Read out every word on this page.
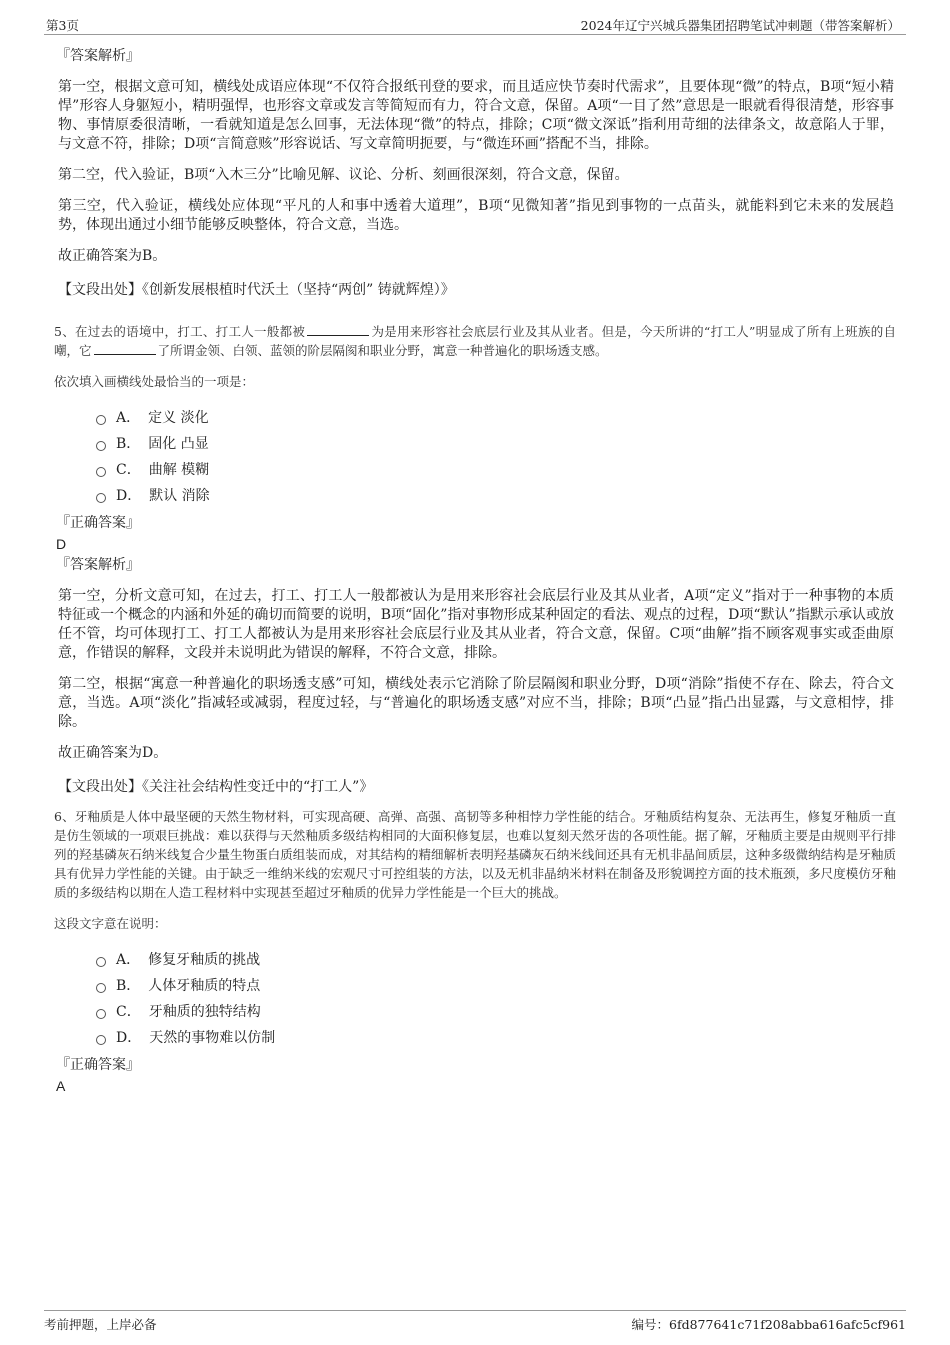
第3页	2024年辽宁兴城兵器集团招聘笔试冲刺题（带答案解析）

『答案解析』

第一空，根据文意可知，横线处成语应体现“不仅符合报纸刊登的要求，而且适应快节奏时代需求”，且要体现“微”的特点，B项“短小精悍”形容人身躯短小，精明强悍，也形容文章或发言等简短而有力，符合文意，保留。A项“一目了然”意思是一眼就看得很清楚，形容事物、事情原委很清晰，一看就知道是怎么回事，无法体现“微”的特点，排除；C项“微文深诋”指利用苛细的法律条文，故意陷人于罪，与文意不符，排除；D项“言简意赅”形容说话、写文章简明扼要，与“微连环画”搭配不当，排除。

第二空，代入验证，B项“入木三分”比喻见解、议论、分析、刻画很深刻，符合文意，保留。

第三空，代入验证，横线处应体现“平凡的人和事中透着大道理”，B项“见微知著”指见到事物的一点苗头，就能料到它未来的发展趋势，体现出通过小细节能够反映整体，符合文意，当选。

故正确答案为B。

【文段出处】《创新发展根植时代沃土（坚持“两创” 铸就辉煌）》

5、在过去的语境中，打工、打工人一般都被	为是用来形容社会底层行业及其从业者。但是，今天所讲的“打工人”明显成了所有上班族的自嘲，它	了所谓金领、白领、蓝领的阶层隔阂和职业分野，寓意一种普遍化的职场透支感。

依次填入画横线处最恰当的一项是：

A． 定义 淡化
B． 固化 凸显
C． 曲解 模糊
D． 默认 消除

『正确答案』

D

『答案解析』

第一空，分析文意可知，在过去，打工、打工人一般都被认为是用来形容社会底层行业及其从业者，A项“定义”指对于一种事物的本质特征或一个概念的内涵和外延的确切而简要的说明，B项“固化”指对事物形成某种固定的看法、观点的过程，D项“默认”指默示承认或放任不管，均可体现打工、打工人都被认为是用来形容社会底层行业及其从业者，符合文意，保留。C项“曲解”指不顾客观事实或歪曲原意，作错误的解释，文段并未说明此为错误的解释，不符合文意，排除。

第二空，根据“寓意一种普遍化的职场透支感”可知，横线处表示它消除了阶层隔阂和职业分野，D项“消除”指使不存在、除去，符合文意，当选。A项“淡化”指减轻或减弱，程度过轻，与“普遍化的职场透支感”对应不当，排除；B项“凸显”指凸出显露，与文意相悖，排除。

故正确答案为D。

【文段出处】《关注社会结构性变迁中的“打工人”》

6、牙釉质是人体中最坚硬的天然生物材料，可实现高硬、高弹、高强、高韧等多种相悖力学性能的结合。牙釉质结构复杂、无法再生，修复牙釉质一直是仿生领域的一项艰巨挑战：难以获得与天然釉质多级结构相同的大面积修复层，也难以复刻天然牙齿的各项性能。据了解，牙釉质主要是由规则平行排列的羟基磷灰石纳米线复合少量生物蛋白质组装而成，对其结构的精细解析表明羟基磷灰石纳米线间还具有无机非晶间质层，这种多级微纳结构是牙釉质具有优异力学性能的关键。由于缺乏一维纳米线的宏观尺寸可控组装的方法，以及无机非晶纳米材料在制备及形貌调控方面的技术瓶颈，多尺度模仿牙釉质的多级结构以期在人造工程材料中实现甚至超过牙釉质的优异力学性能是一个巨大的挑战。

这段文字意在说明：

A． 修复牙釉质的挑战
B． 人体牙釉质的特点
C． 牙釉质的独特结构
D． 天然的事物难以仿制

『正确答案』

A

考前押题，上岸必备	编号：6fd877641c71f208abba616afc5cf961
